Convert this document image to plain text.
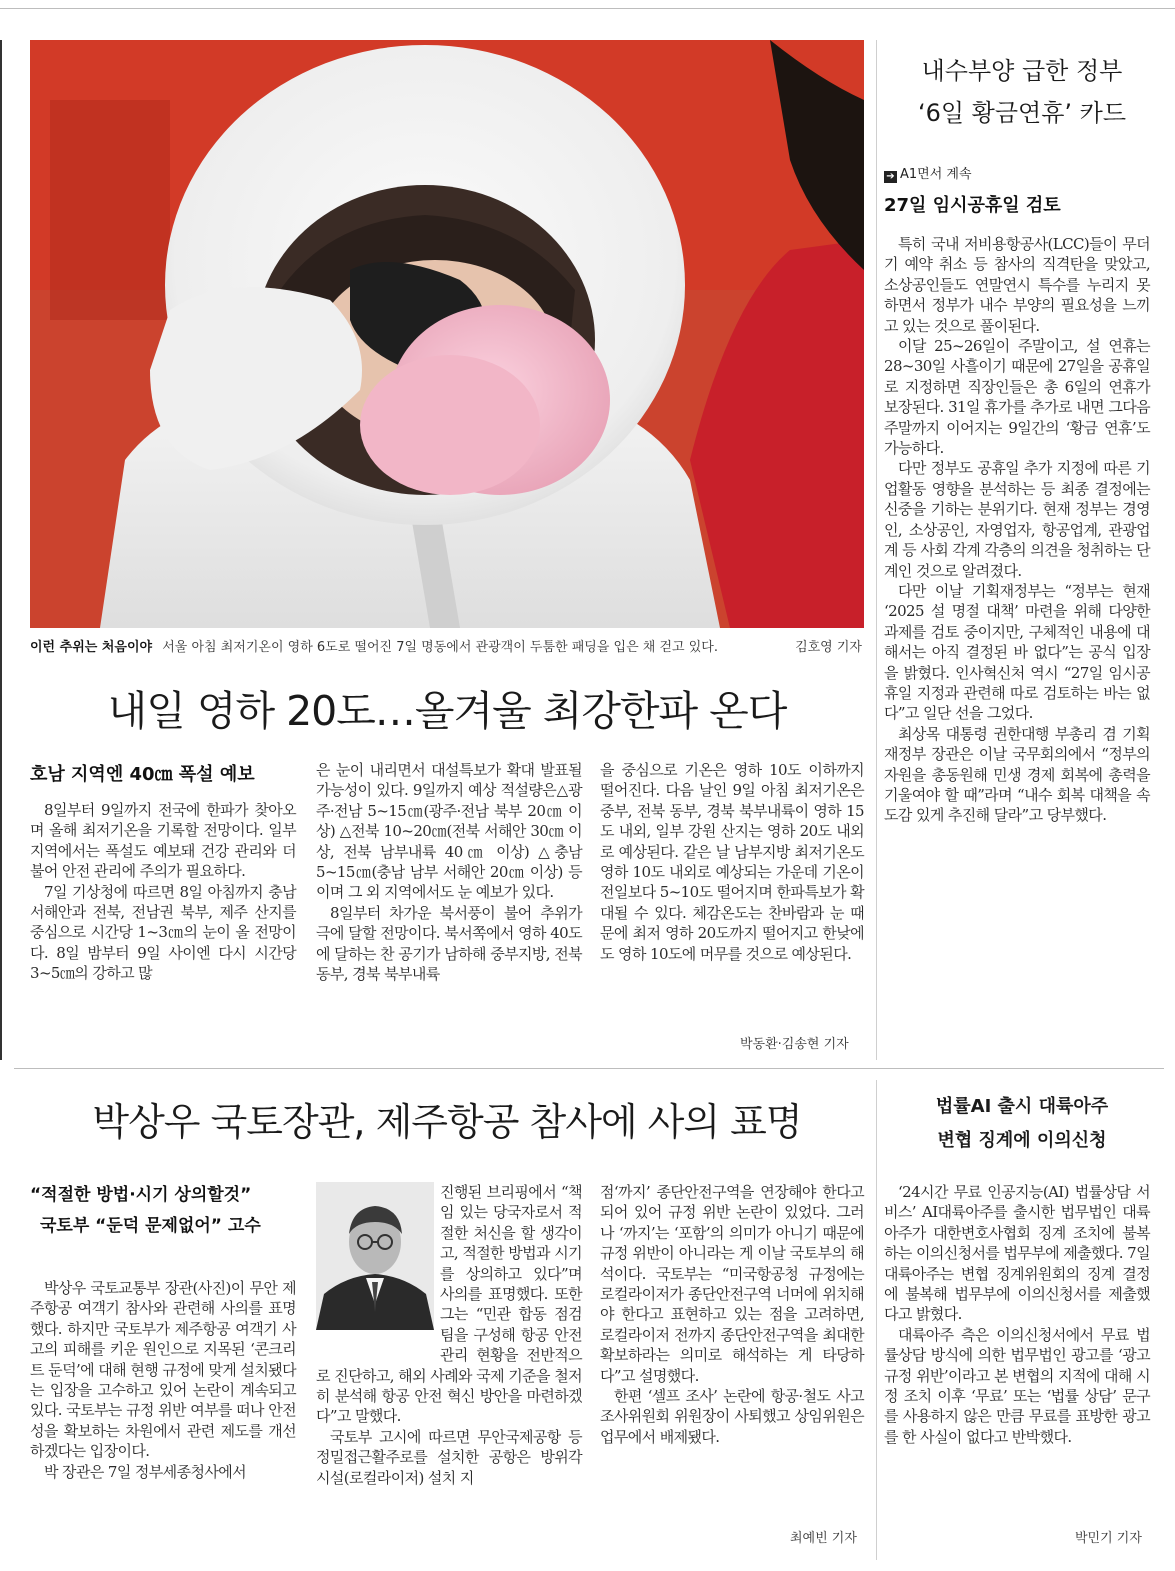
이런 추위는 처음이야 서울 아침 최저기온이 영하 6도로 떨어진 7일 명동에서 관광객이 두툼한 패딩을 입은 채 걷고 있다.	김호영 기자
내일 영하 20도…올겨울 최강한파 온다
호남 지역엔 40㎝ 폭설 예보

8일부터 9일까지 전국에 한파가 찾아오며 올해 최저기온을 기록할 전망이다. 일부 지역에서는 폭설도 예보돼 건강 관리와 더불어 안전 관리에 주의가 필요하다.

7일 기상청에 따르면 8일 아침까지 충남 서해안과 전북, 전남권 북부, 제주 산지를 중심으로 시간당 1~3㎝의 눈이 올 전망이다. 8일 밤부터 9일 사이엔 다시 시간당 3~5㎝의 강하고 많

은 눈이 내리면서 대설특보가 확대 발표될 가능성이 있다. 9일까지 예상 적설량은△광주·전남 5~15㎝(광주·전남 북부 20㎝ 이상) △전북 10~20㎝(전북 서해안 30㎝ 이상, 전북 남부내륙 40㎝ 이상) △충남 5~15㎝(충남 남부 서해안 20㎝ 이상) 등이며 그 외 지역에서도 눈 예보가 있다.

8일부터 차가운 북서풍이 불어 추위가 극에 달할 전망이다. 북서쪽에서 영하 40도에 달하는 찬 공기가 남하해 중부지방, 전북 동부, 경북 북부내륙

을 중심으로 기온은 영하 10도 이하까지 떨어진다. 다음 날인 9일 아침 최저기온은 중부, 전북 동부, 경북 북부내륙이 영하 15도 내외, 일부 강원 산지는 영하 20도 내외로 예상된다. 같은 날 남부지방 최저기온도 영하 10도 내외로 예상되는 가운데 기온이 전일보다 5~10도 떨어지며 한파특보가 확대될 수 있다. 체감온도는 찬바람과 눈 때문에 최저 영하 20도까지 떨어지고 한낮에도 영하 10도에 머무를 것으로 예상된다.

박동환·김송현 기자
내수부양 급한 정부
‘6일 황금연휴’ 카드
➔ A1면서 계속
27일 임시공휴일 검토

특히 국내 저비용항공사(LCC)들이 무더기 예약 취소 등 참사의 직격탄을 맞았고, 소상공인들도 연말연시 특수를 누리지 못하면서 정부가 내수 부양의 필요성을 느끼고 있는 것으로 풀이된다.

이달 25~26일이 주말이고, 설 연휴는 28~30일 사흘이기 때문에 27일을 공휴일로 지정하면 직장인들은 총 6일의 연휴가 보장된다. 31일 휴가를 추가로 내면 그다음 주말까지 이어지는 9일간의 ‘황금 연휴’도 가능하다.

다만 정부도 공휴일 추가 지정에 따른 기업활동 영향을 분석하는 등 최종 결정에는 신중을 기하는 분위기다. 현재 정부는 경영인, 소상공인, 자영업자, 항공업계, 관광업계 등 사회 각계 각층의 의견을 청취하는 단계인 것으로 알려졌다.

다만 이날 기획재정부는 “정부는 현재 ‘2025 설 명절 대책’ 마련을 위해 다양한 과제를 검토 중이지만, 구체적인 내용에 대해서는 아직 결정된 바 없다”는 공식 입장을 밝혔다. 인사혁신처 역시 “27일 임시공휴일 지정과 관련해 따로 검토하는 바는 없다”고 일단 선을 그었다.

최상목 대통령 권한대행 부총리 겸 기획재정부 장관은 이날 국무회의에서 “정부의 자원을 총동원해 민생 경제 회복에 총력을 기울여야 할 때”라며 “내수 회복 대책을 속도감 있게 추진해 달라”고 당부했다.

박상우 국토장관, 제주항공 참사에 사의 표명
“적절한 방법·시기 상의할것”
국토부 “둔덕 문제없어” 고수

박상우 국토교통부 장관(사진)이 무안 제주항공 여객기 참사와 관련해 사의를 표명했다. 하지만 국토부가 제주항공 여객기 사고의 피해를 키운 원인으로 지목된 ‘콘크리트 둔덕’에 대해 현행 규정에 맞게 설치됐다는 입장을 고수하고 있어 논란이 계속되고 있다. 국토부는 규정 위반 여부를 떠나 안전성을 확보하는 차원에서 관련 제도를 개선하겠다는 입장이다.

박 장관은 7일 정부세종청사에서

진행된 브리핑에서 “책임 있는 당국자로서 적절한 처신을 할 생각이고, 적절한 방법과 시기를 상의하고 있다”며 사의를 표명했다. 또한 그는 “민관 합동 점검팀을 구성해 항공 안전 관리 현황을 전반적으로 진단하고, 해외 사례와 국제 기준을 철저히 분석해 항공 안전 혁신 방안을 마련하겠다”고 말했다.

국토부 고시에 따르면 무안국제공항 등 정밀접근활주로를 설치한 공항은 방위각 시설(로컬라이저) 설치 지

점‘까지’ 종단안전구역을 연장해야 한다고 되어 있어 규정 위반 논란이 있었다. 그러나 ‘까지’는 ‘포함’의 의미가 아니기 때문에 규정 위반이 아니라는 게 이날 국토부의 해석이다. 국토부는 “미국항공청 규정에는 로컬라이저가 종단안전구역 너머에 위치해야 한다고 표현하고 있는 점을 고려하면, 로컬라이저 전까지 종단안전구역을 최대한 확보하라는 의미로 해석하는 게 타당하다”고 설명했다.

한편 ‘셀프 조사’ 논란에 항공·철도 사고조사위원회 위원장이 사퇴했고 상임위원은 업무에서 배제됐다.

최예빈 기자
법률AI 출시 대륙아주
변협 징계에 이의신청

‘24시간 무료 인공지능(AI) 법률상담 서비스’ AI대륙아주를 출시한 법무법인 대륙아주가 대한변호사협회 징계 조치에 불복하는 이의신청서를 법무부에 제출했다. 7일 대륙아주는 변협 징계위원회의 징계 결정에 불복해 법무부에 이의신청서를 제출했다고 밝혔다.

대륙아주 측은 이의신청서에서 무료 법률상담 방식에 의한 법무법인 광고를 ‘광고 규정 위반’이라고 본 변협의 지적에 대해 시정 조치 이후 ‘무료’ 또는 ‘법률 상담’ 문구를 사용하지 않은 만큼 무료를 표방한 광고를 한 사실이 없다고 반박했다.

박민기 기자
